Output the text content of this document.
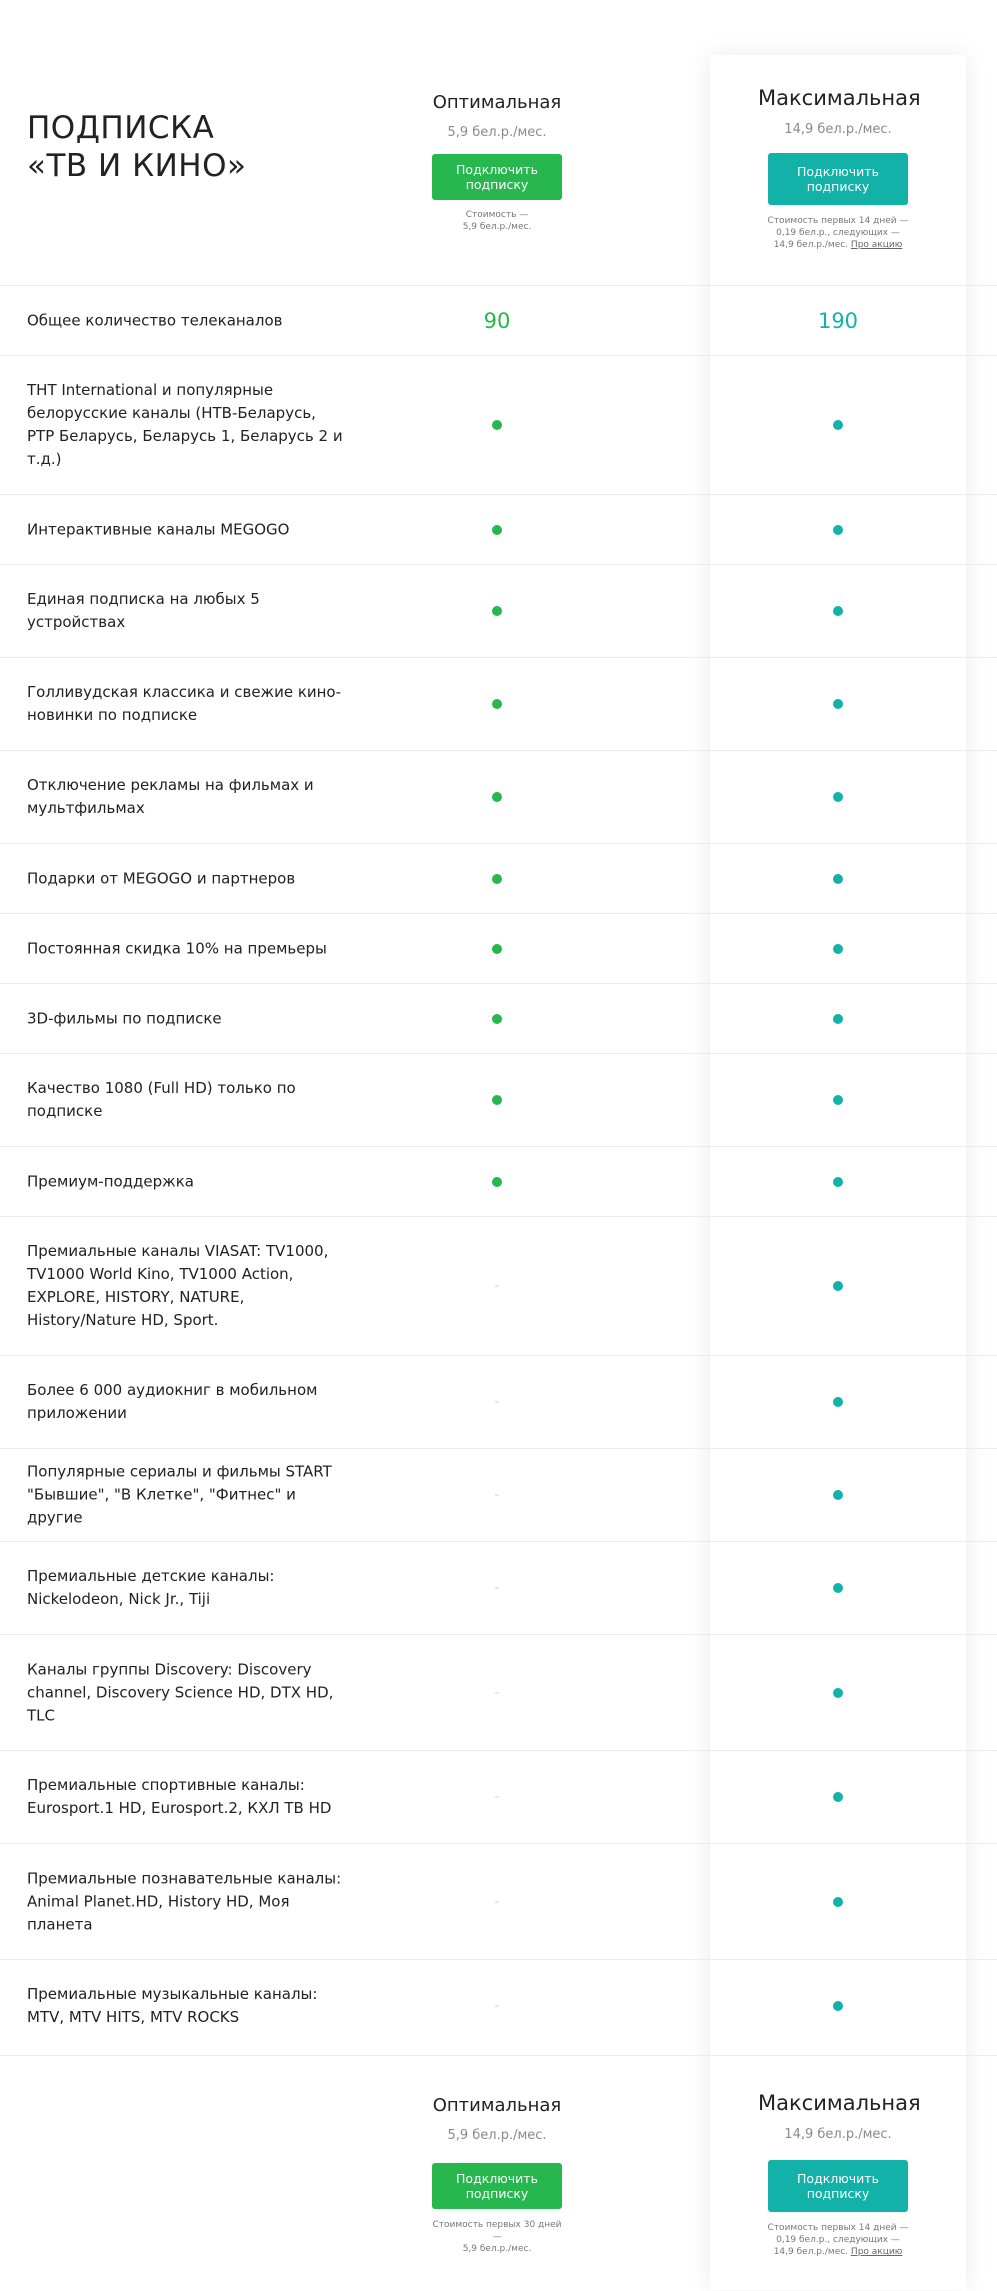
ПОДПИСКА
«ТВ И КИНО»
Оптимальная
5,9 бел.р./мес.
Подключить подписку
Стоимость —
5,9 бел.р./мес.
Максимальная
14,9 бел.р./мес.
Подключить подписку
Стоимость первых 14 дней —
0,19 бел.р., следующих —
14,9 бел.р./мес. Про акцию
Общее количество телеканалов	90	190
ТНТ International и популярные белорусские каналы (НТВ-Беларусь, РТР Беларусь, Беларусь 1, Беларусь 2 и т.д.)
Интерактивные каналы MEGOGO
Единая подписка на любых 5 устройствах
Голливудская классика и свежие кино-новинки по подписке
Отключение рекламы на фильмах и мультфильмах
Подарки от MEGOGO и партнеров
Постоянная скидка 10% на премьеры
3D-фильмы по подписке
Качество 1080 (Full HD) только по подписке
Премиум-поддержка
Премиальные каналы VIASAT: TV1000, TV1000 World Kino, TV1000 Action, EXPLORE, HISTORY, NATURE, History/Nature HD, Sport.
Более 6 000 аудиокниг в мобильном приложении
Популярные сериалы и фильмы START "Бывшие", "В Клетке", "Фитнес" и другие
Премиальные детские каналы: Nickelodeon, Nick Jr., Tiji
Каналы группы Discovery: Discovery channel, Discovery Science HD, DTX HD, TLC
Премиальные спортивные каналы: Eurosport.1 HD, Eurosport.2, КХЛ ТВ HD
Премиальные познавательные каналы: Animal Planet.HD, History HD, Моя планета
Премиальные музыкальные каналы: MTV, MTV HITS, MTV ROCKS
Оптимальная
5,9 бел.р./мес.
Подключить подписку
Стоимость первых 30 дней —
5,9 бел.р./мес.
Максимальная
14,9 бел.р./мес.
Подключить подписку
Стоимость первых 14 дней —
0,19 бел.р., следующих —
14,9 бел.р./мес. Про акцию
